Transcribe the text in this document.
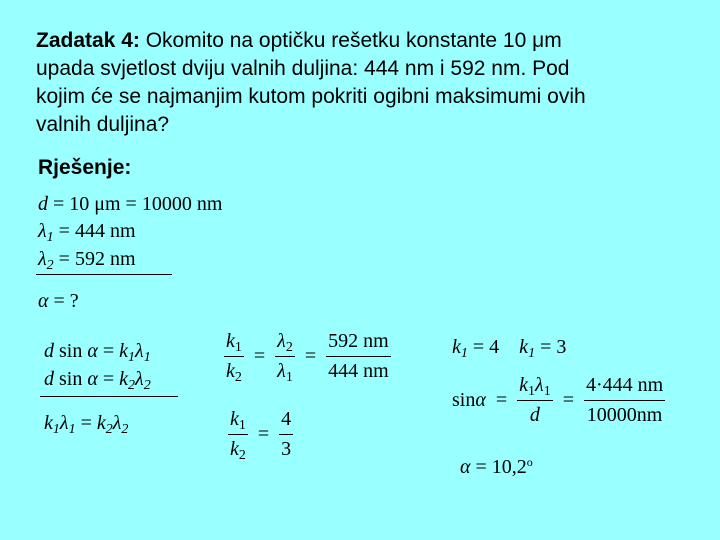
Zadatak 4: Okomito na optičku rešetku konstante 10 μm
upada svjetlost dviju valnih duljina: 444 nm i 592 nm. Pod
kojim će se najmanjim kutom pokriti ogibni maksimumi ovih
valnih duljina?
Rješenje:
d = 10 μm = 10000 nm
$\lambda_1 = 444$ nm
$\lambda_2 = 592$ nm
α = ?
d $\sin \alpha = k_1\lambda_1$
d $\sin \alpha = k_2\lambda_2$
$k_1\lambda_1 = k_2\lambda_2$
$\frac{k_1}{k_2} = \frac{\lambda_2}{\lambda_1} = \frac{592 nm}{444 nm}$
$\frac{k_1}{k_2} = \frac{4}{3}$
$k_1 = 4$ $k_1 = 3$
$\sin\alpha = \frac{k_1\lambda_1}{d} = \frac{4\cdot 444 nm}{10000nm}$
$\alpha = 10,2^o$
